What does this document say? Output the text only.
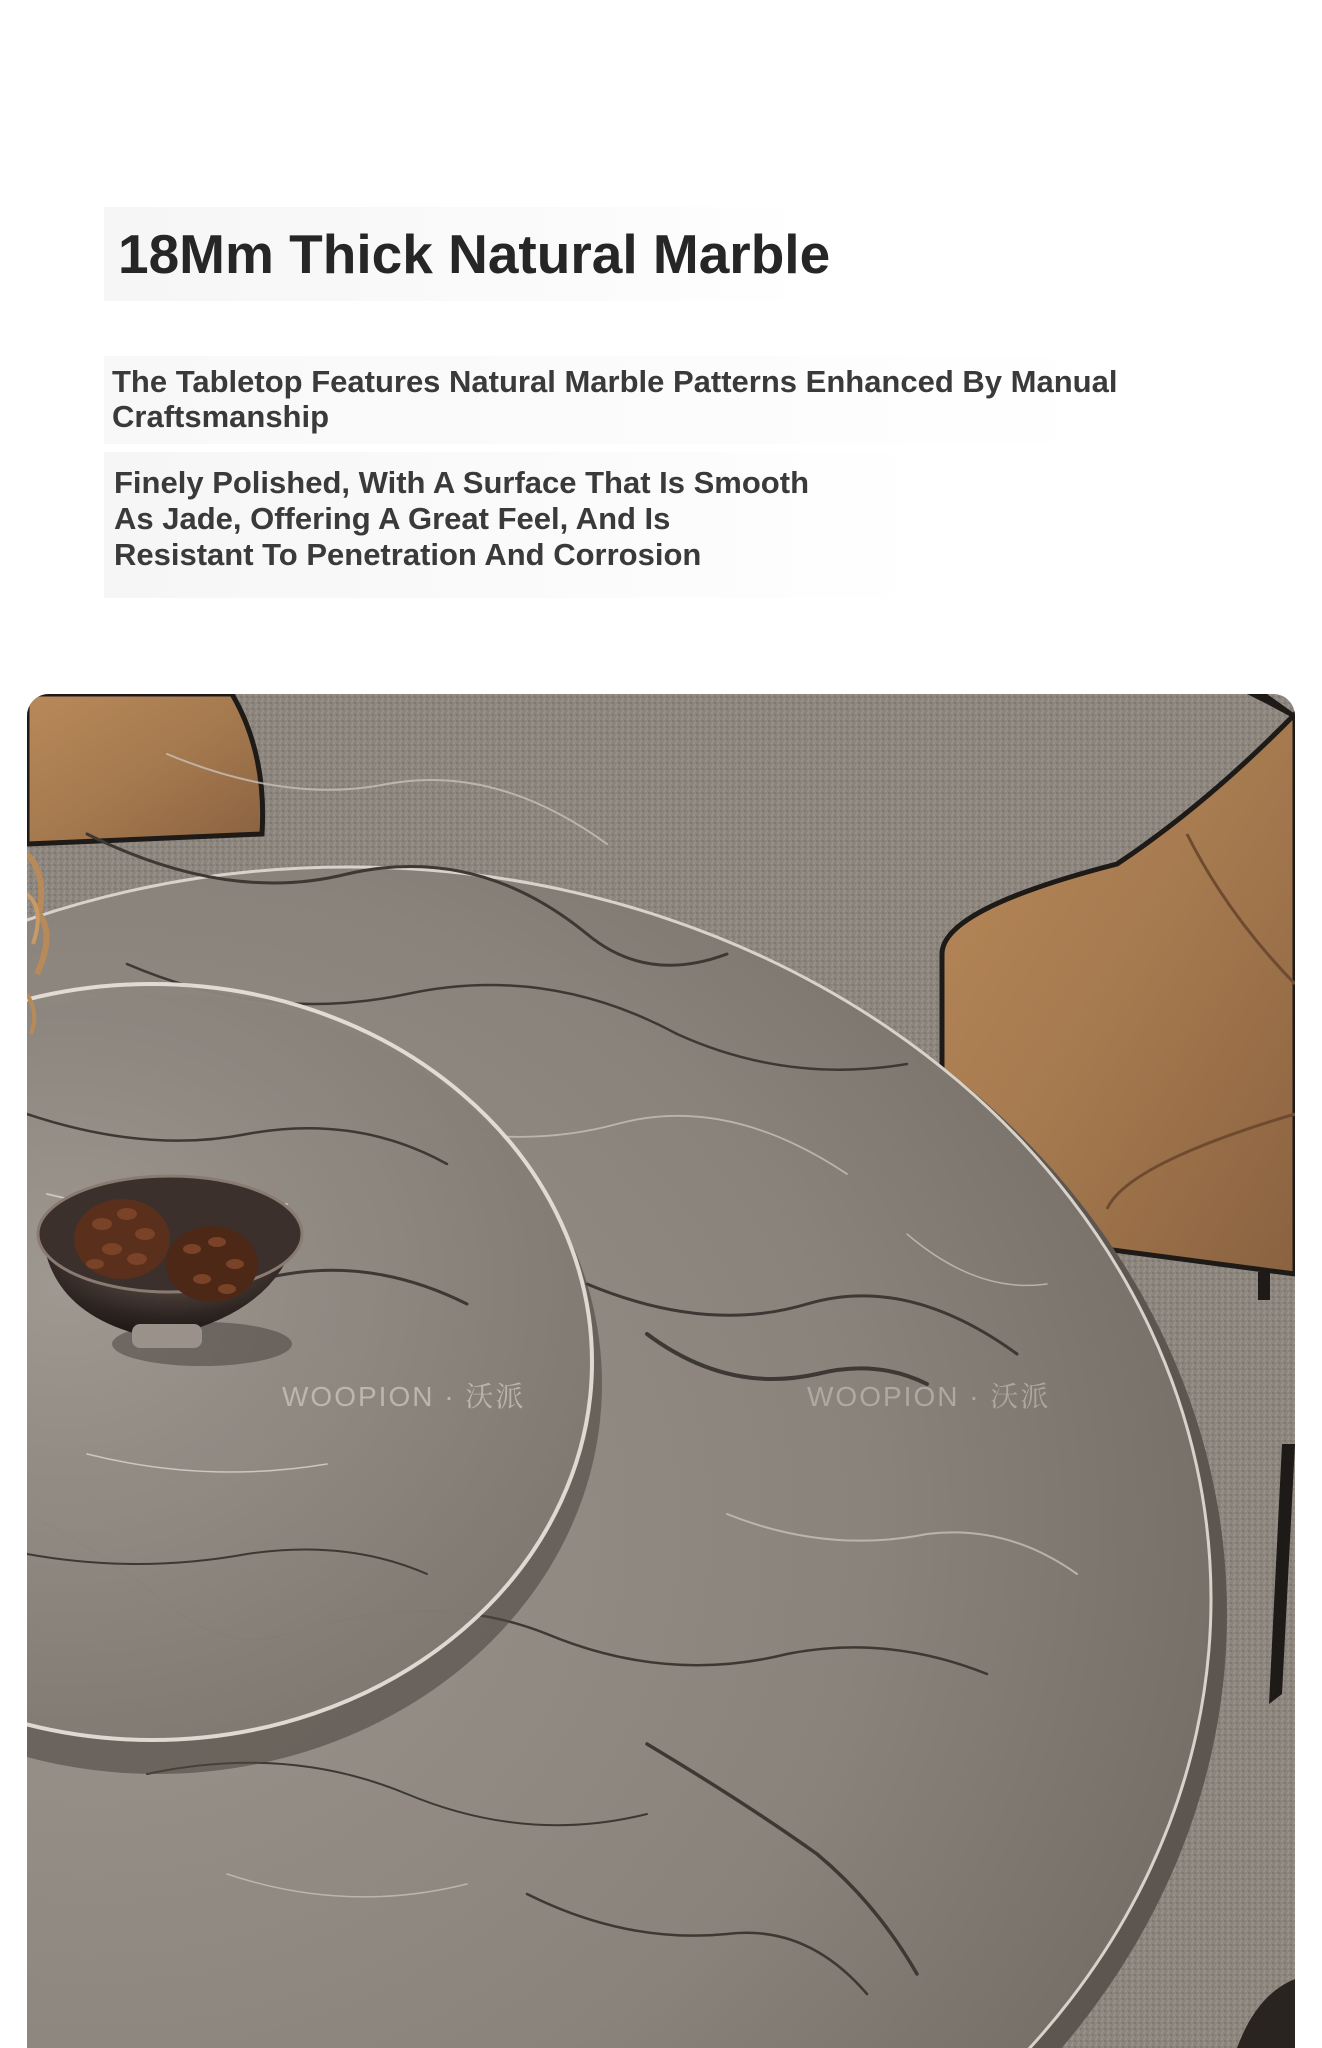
18Mm Thick Natural Marble

The Tabletop Features Natural Marble Patterns Enhanced By Manual Craftsmanship

Finely Polished, With A Surface That Is Smooth As Jade, Offering A Great Feel, And Is Resistant To Penetration And Corrosion

WOOPION · 沃派
WOOPION · 沃派
